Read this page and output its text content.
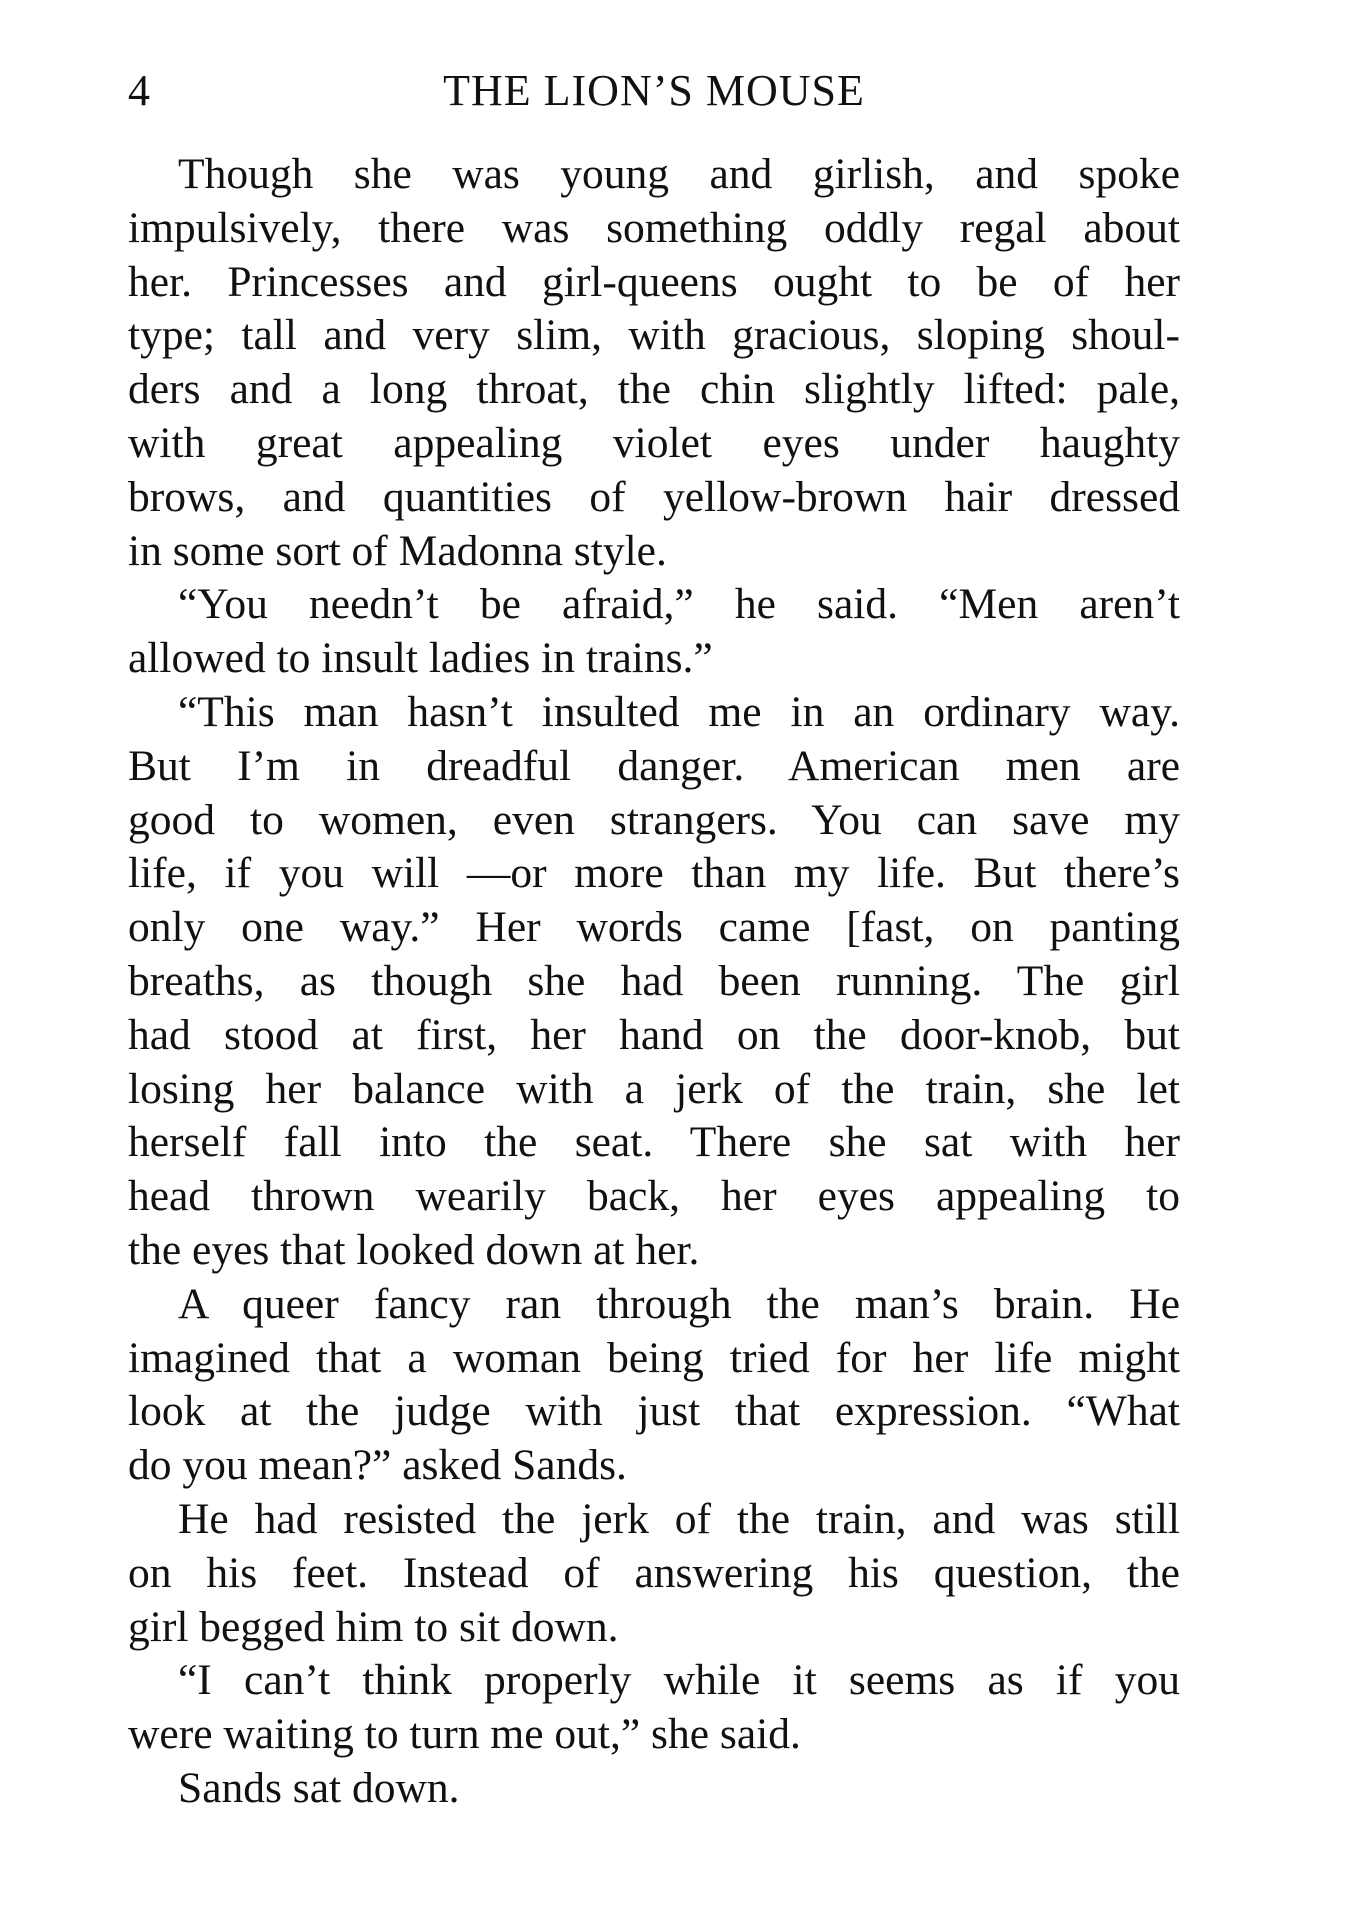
4	THE LION’S MOUSE
Though she was young and girlish, and spoke
impulsively, there was something oddly regal about
her. Princesses and girl-queens ought to be of her
type; tall and very slim, with gracious, sloping shoul-
ders and a long throat, the chin slightly lifted: pale,
with great appealing violet eyes under haughty
brows, and quantities of yellow-brown hair dressed
in some sort of Madonna style.
“You needn’t be afraid,” he said. “Men aren’t
allowed to insult ladies in trains.”
“This man hasn’t insulted me in an ordinary way.
But I’m in dreadful danger. American men are
good to women, even strangers. You can save my
life, if you will —or more than my life. But there’s
only one way.” Her words came [fast, on panting
breaths, as though she had been running. The girl
had stood at first, her hand on the door-knob, but
losing her balance with a jerk of the train, she let
herself fall into the seat. There she sat with her
head thrown wearily back, her eyes appealing to
the eyes that looked down at her.
A queer fancy ran through the man’s brain. He
imagined that a woman being tried for her life might
look at the judge with just that expression. “What
do you mean?” asked Sands.
He had resisted the jerk of the train, and was still
on his feet. Instead of answering his question, the
girl begged him to sit down.
“I can’t think properly while it seems as if you
were waiting to turn me out,” she said.
Sands sat down.
